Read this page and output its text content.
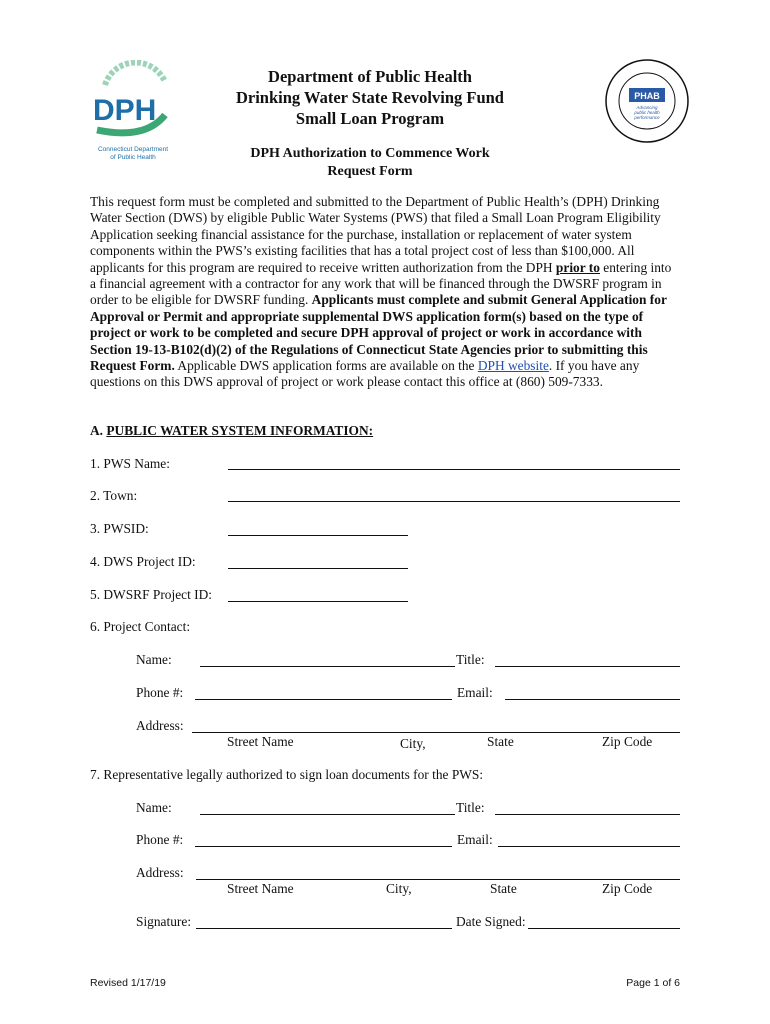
DPH
Connecticut Department
of Public Health
PHAB
Advancing
public health
performance
Department of Public Health
Drinking Water State Revolving Fund
Small Loan Program
DPH Authorization to Commence Work
Request Form
This request form must be completed and submitted to the Department of Public Health’s (DPH) Drinking Water Section (DWS) by eligible Public Water Systems (PWS) that filed a Small Loan Program Eligibility Application seeking financial assistance for the purchase, installation or replacement of water system components within the PWS’s existing facilities that has a total project cost of less than $100,000. All applicants for this program are required to receive written authorization from the DPH prior to entering into a financial agreement with a contractor for any work that will be financed through the DWSRF program in order to be eligible for DWSRF funding. Applicants must complete and submit General Application for Approval or Permit and appropriate supplemental DWS application form(s) based on the type of project or work to be completed and secure DPH approval of project or work in accordance with Section 19-13-B102(d)(2) of the Regulations of Connecticut State Agencies prior to submitting this Request Form. Applicable DWS application forms are available on the DPH website. If you have any questions on this DWS approval of project or work please contact this office at (860) 509-7333.
A. PUBLIC WATER SYSTEM INFORMATION:
1. PWS Name:
2. Town:
3. PWSID:
4. DWS Project ID:
5. DWSRF Project ID:
6. Project Contact:
Name:	Title:
Phone #:	Email:
Address:
Street Name	City,	State	Zip Code
7. Representative legally authorized to sign loan documents for the PWS:
Name:	Title:
Phone #:	Email:
Address:
Street Name	City,	State	Zip Code
Signature:	Date Signed:
Revised 1/17/19	Page 1 of 6
